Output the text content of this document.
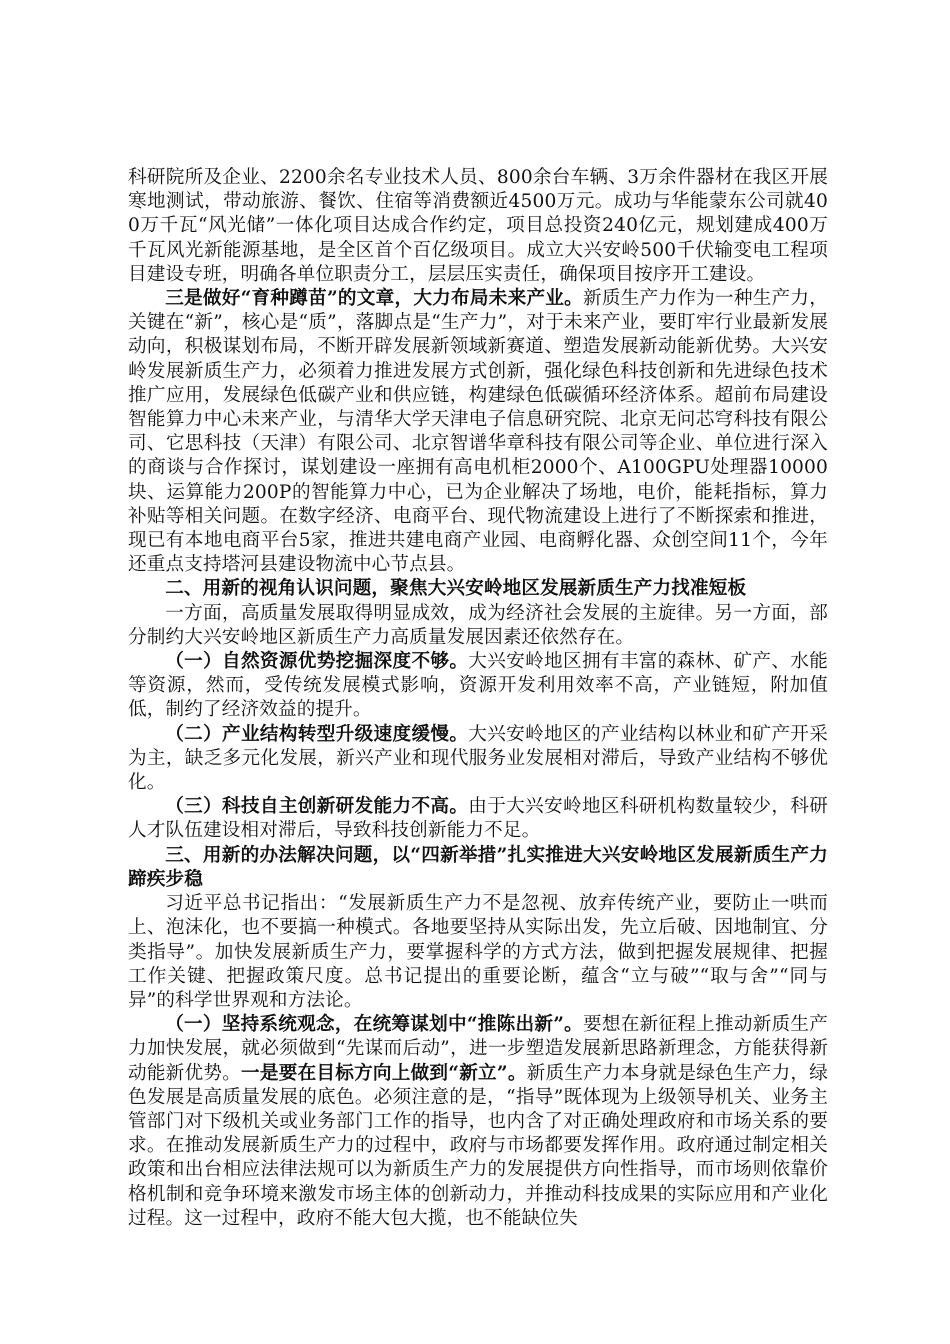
科研院所及企业、2200余名专业技术人员、800余台车辆、3万余件器材在我区开展寒地测试，带动旅游、餐饮、住宿等消费额近4500万元。成功与华能蒙东公司就400万千瓦“风光储”一体化项目达成合作约定，项目总投资240亿元，规划建成400万千瓦风光新能源基地，是全区首个百亿级项目。成立大兴安岭500千伏输变电工程项目建设专班，明确各单位职责分工，层层压实责任，确保项目按序开工建设。

三是做好“育种蹲苗”的文章，大力布局未来产业。新质生产力作为一种生产力，关键在“新”，核心是“质”，落脚点是“生产力”，对于未来产业，要盯牢行业最新发展动向，积极谋划布局，不断开辟发展新领域新赛道、塑造发展新动能新优势。大兴安岭发展新质生产力，必须着力推进发展方式创新，强化绿色科技创新和先进绿色技术推广应用，发展绿色低碳产业和供应链，构建绿色低碳循环经济体系。超前布局建设智能算力中心未来产业，与清华大学天津电子信息研究院、北京无问芯穹科技有限公司、它思科技（天津）有限公司、北京智谱华章科技有限公司等企业、单位进行深入的商谈与合作探讨，谋划建设一座拥有高电机柜2000个、A100GPU处理器10000块、运算能力200P的智能算力中心，已为企业解决了场地，电价，能耗指标，算力补贴等相关问题。在数字经济、电商平台、现代物流建设上进行了不断探索和推进，现已有本地电商平台5家，推进共建电商产业园、电商孵化器、众创空间11个，今年还重点支持塔河县建设物流中心节点县。

二、用新的视角认识问题，聚焦大兴安岭地区发展新质生产力找准短板

一方面，高质量发展取得明显成效，成为经济社会发展的主旋律。另一方面，部分制约大兴安岭地区新质生产力高质量发展因素还依然存在。

（一）自然资源优势挖掘深度不够。大兴安岭地区拥有丰富的森林、矿产、水能等资源，然而，受传统发展模式影响，资源开发利用效率不高，产业链短，附加值低，制约了经济效益的提升。

（二）产业结构转型升级速度缓慢。大兴安岭地区的产业结构以林业和矿产开采为主，缺乏多元化发展，新兴产业和现代服务业发展相对滞后，导致产业结构不够优化。

（三）科技自主创新研发能力不高。由于大兴安岭地区科研机构数量较少，科研人才队伍建设相对滞后，导致科技创新能力不足。

三、用新的办法解决问题，以“四新举措”扎实推进大兴安岭地区发展新质生产力蹄疾步稳

习近平总书记指出：“发展新质生产力不是忽视、放弃传统产业，要防止一哄而上、泡沫化，也不要搞一种模式。各地要坚持从实际出发，先立后破、因地制宜、分类指导”。加快发展新质生产力，要掌握科学的方式方法，做到把握发展规律、把握工作关键、把握政策尺度。总书记提出的重要论断，蕴含“立与破”“取与舍”“同与异”的科学世界观和方法论。

（一）坚持系统观念，在统筹谋划中“推陈出新”。要想在新征程上推动新质生产力加快发展，就必须做到“先谋而后动”，进一步塑造发展新思路新理念，方能获得新动能新优势。一是要在目标方向上做到“新立”。新质生产力本身就是绿色生产力，绿色发展是高质量发展的底色。必须注意的是，“指导”既体现为上级领导机关、业务主管部门对下级机关或业务部门工作的指导，也内含了对正确处理政府和市场关系的要求。在推动发展新质生产力的过程中，政府与市场都要发挥作用。政府通过制定相关政策和出台相应法律法规可以为新质生产力的发展提供方向性指导，而市场则依靠价格机制和竞争环境来激发市场主体的创新动力，并推动科技成果的实际应用和产业化过程。这一过程中，政府不能大包大揽，也不能缺位失
